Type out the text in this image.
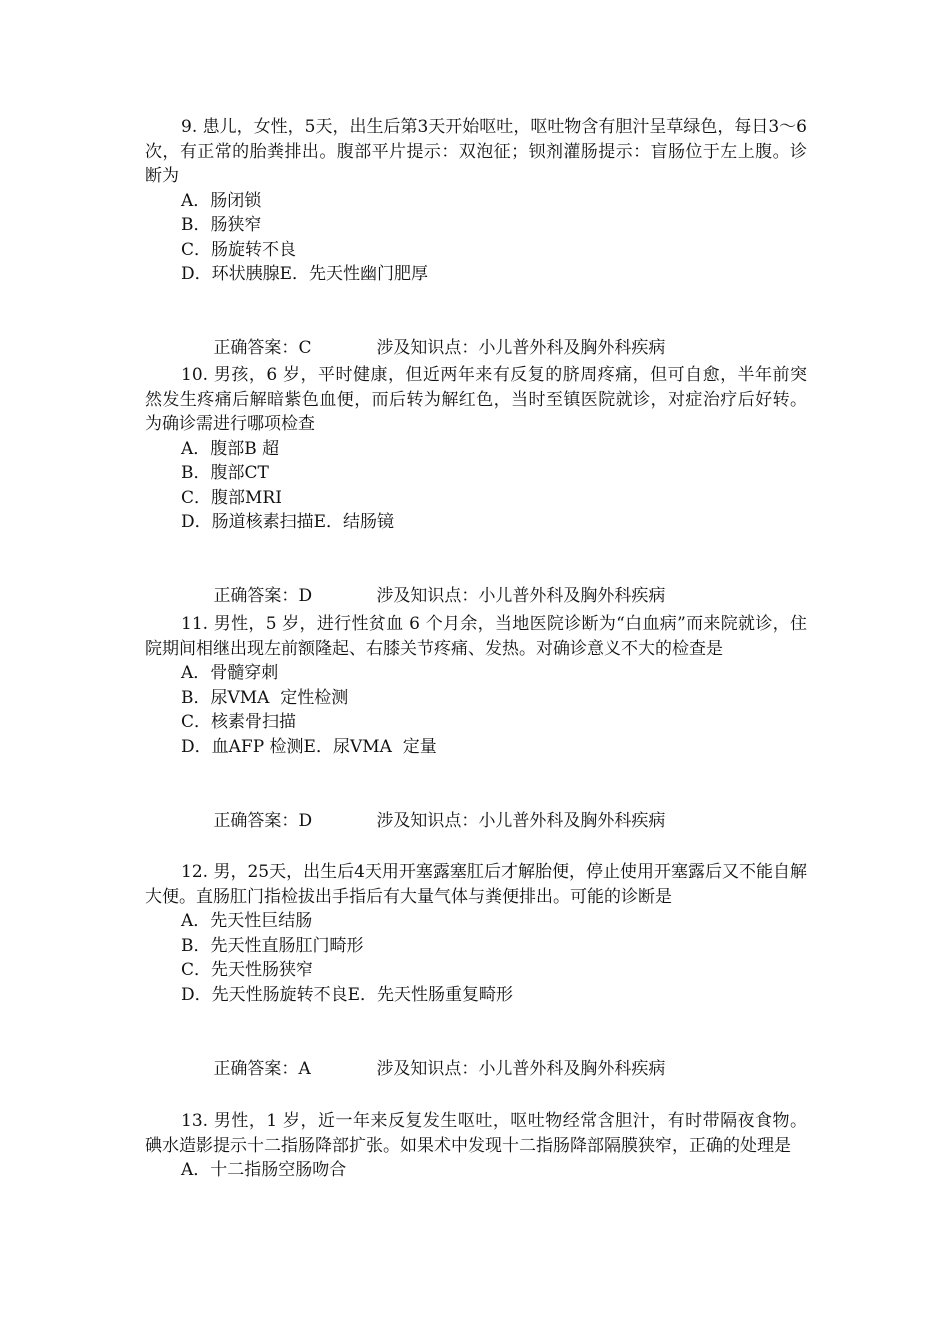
9. 患儿，女性，5天，出生后第3天开始呕吐，呕吐物含有胆汁呈草绿色，每日3～6次，有正常的胎粪排出。腹部平片提示：双泡征；钡剂灌肠提示：盲肠位于左上腹。诊断为

A．肠闭锁

B．肠狭窄

C．肠旋转不良

D．环状胰腺E．先天性幽门肥厚

正确答案：C	涉及知识点：小儿普外科及胸外科疾病

10. 男孩，6 岁，平时健康，但近两年来有反复的脐周疼痛，但可自愈，半年前突然发生疼痛后解暗紫色血便，而后转为解红色，当时至镇医院就诊，对症治疗后好转。为确诊需进行哪项检查

A．腹部B 超

B．腹部CT

C．腹部MRI

D．肠道核素扫描E．结肠镜

正确答案：D	涉及知识点：小儿普外科及胸外科疾病

11. 男性，5 岁，进行性贫血 6 个月余，当地医院诊断为“白血病”而来院就诊，住院期间相继出现左前额隆起、右膝关节疼痛、发热。对确诊意义不大的检查是

A．骨髓穿刺

B．尿VMA  定性检测

C．核素骨扫描

D．血AFP 检测E．尿VMA  定量

正确答案：D	涉及知识点：小儿普外科及胸外科疾病

12. 男，25天，出生后4天用开塞露塞肛后才解胎便，停止使用开塞露后又不能自解大便。直肠肛门指检拔出手指后有大量气体与粪便排出。可能的诊断是

A．先天性巨结肠

B．先天性直肠肛门畸形

C．先天性肠狭窄

D．先天性肠旋转不良E．先天性肠重复畸形

正确答案：A	涉及知识点：小儿普外科及胸外科疾病

13. 男性，1 岁，近一年来反复发生呕吐，呕吐物经常含胆汁，有时带隔夜食物。碘水造影提示十二指肠降部扩张。如果术中发现十二指肠降部隔膜狭窄，正确的处理是

A．十二指肠空肠吻合
